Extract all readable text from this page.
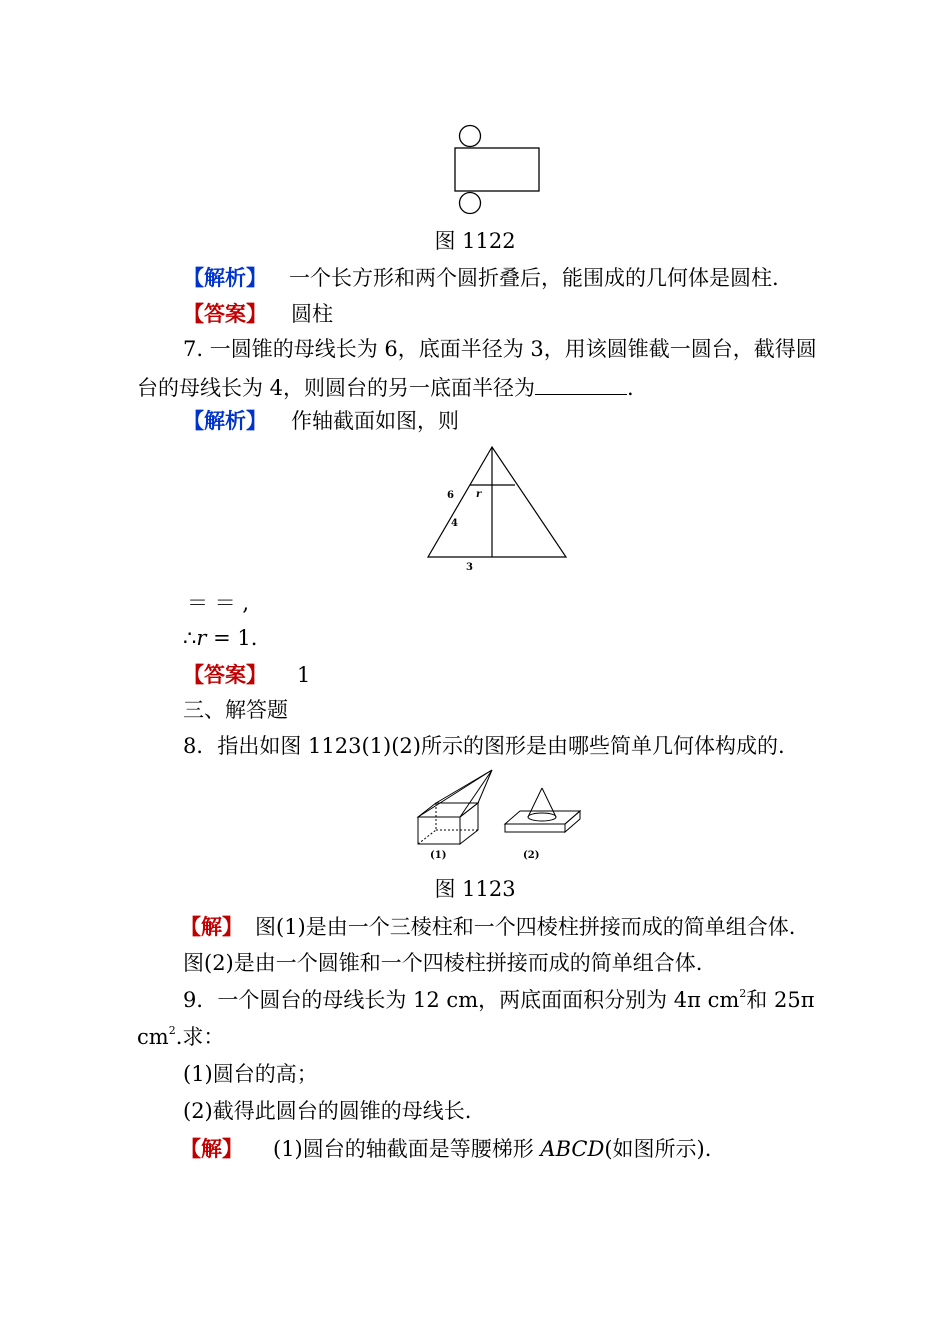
图 1122
【解析】 一个长方形和两个圆折叠后，能围成的几何体是圆柱.
【答案】 圆柱
7. 一圆锥的母线长为 6，底面半径为 3，用该圆锥截一圆台，截得圆
台的母线长为 4，则圆台的另一底面半径为	.
【解析】 作轴截面如图，则
6
4
r
3
＝ ＝ ,
∴r = 1.
【答案】 1
三、解答题
8．指出如图 1123(1)(2)所示的图形是由哪些简单几何体构成的.
(1)	(2)
图 1123
【解】 图(1)是由一个三棱柱和一个四棱柱拼接而成的简单组合体.
图(2)是由一个圆锥和一个四棱柱拼接而成的简单组合体.
9．一个圆台的母线长为 12 cm，两底面面积分别为 4π $cm^2$和 25π
$cm^2$.求：
(1)圆台的高；
(2)截得此圆台的圆锥的母线长.
【解】 (1)圆台的轴截面是等腰梯形 ABCD(如图所示).
